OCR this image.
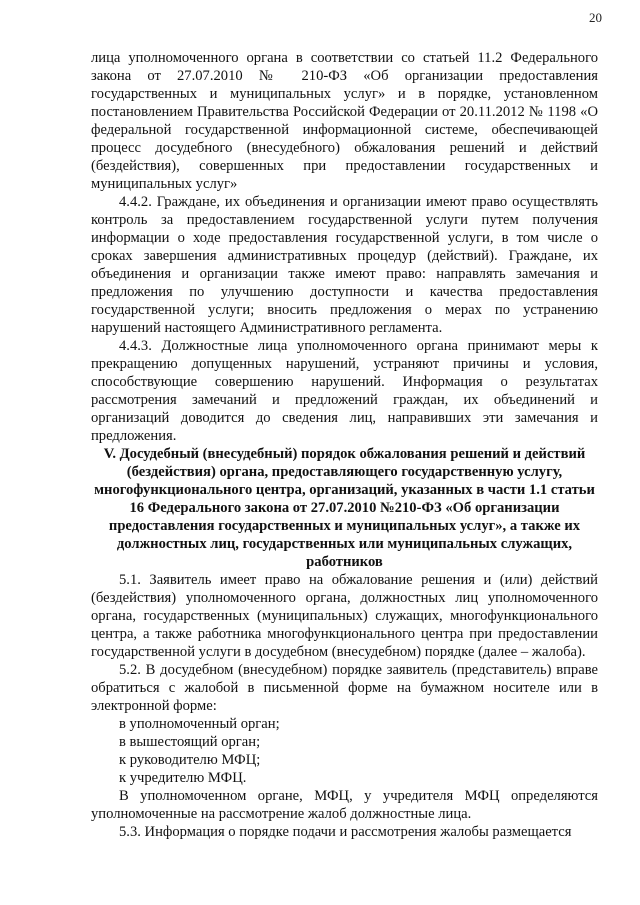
20

лица уполномоченного органа в соответствии со статьей 11.2 Федерального закона от 27.07.2010 № 210-ФЗ «Об организации предоставления государственных и муниципальных услуг» и в порядке, установленном постановлением Правительства Российской Федерации от 20.11.2012 № 1198 «О федеральной государственной информационной системе, обеспечивающей процесс досудебного (внесудебного) обжалования решений и действий (бездействия), совершенных при предоставлении государственных и муниципальных услуг»

4.4.2. Граждане, их объединения и организации имеют право осуществлять контроль за предоставлением государственной услуги путем получения информации о ходе предоставления государственной услуги, в том числе о сроках завершения административных процедур (действий). Граждане, их объединения и организации также имеют право: направлять замечания и предложения по улучшению доступности и качества предоставления государственной услуги; вносить предложения о мерах по устранению нарушений настоящего Административного регламента.

4.4.3. Должностные лица уполномоченного органа принимают меры к прекращению допущенных нарушений, устраняют причины и условия, способствующие совершению нарушений. Информация о результатах рассмотрения замечаний и предложений граждан, их объединений и организаций доводится до сведения лиц, направивших эти замечания и предложения.

V. Досудебный (внесудебный) порядок обжалования решений и действий (бездействия) органа, предоставляющего государственную услугу, многофункционального центра, организаций, указанных в части 1.1 статьи 16 Федерального закона от 27.07.2010 №210-ФЗ «Об организации предоставления государственных и муниципальных услуг», а также их должностных лиц, государственных или муниципальных служащих, работников

5.1. Заявитель имеет право на обжалование решения и (или) действий (бездействия) уполномоченного органа, должностных лиц уполномоченного органа, государственных (муниципальных) служащих, многофункционального центра, а также работника многофункционального центра при предоставлении государственной услуги в досудебном (внесудебном) порядке (далее – жалоба).

5.2. В досудебном (внесудебном) порядке заявитель (представитель) вправе обратиться с жалобой в письменной форме на бумажном носителе или в электронной форме:

в уполномоченный орган;

в вышестоящий орган;

к руководителю МФЦ;

к учредителю МФЦ.

В уполномоченном органе, МФЦ, у учредителя МФЦ определяются уполномоченные на рассмотрение жалоб должностные лица.

5.3. Информация о порядке подачи и рассмотрения жалобы размещается
